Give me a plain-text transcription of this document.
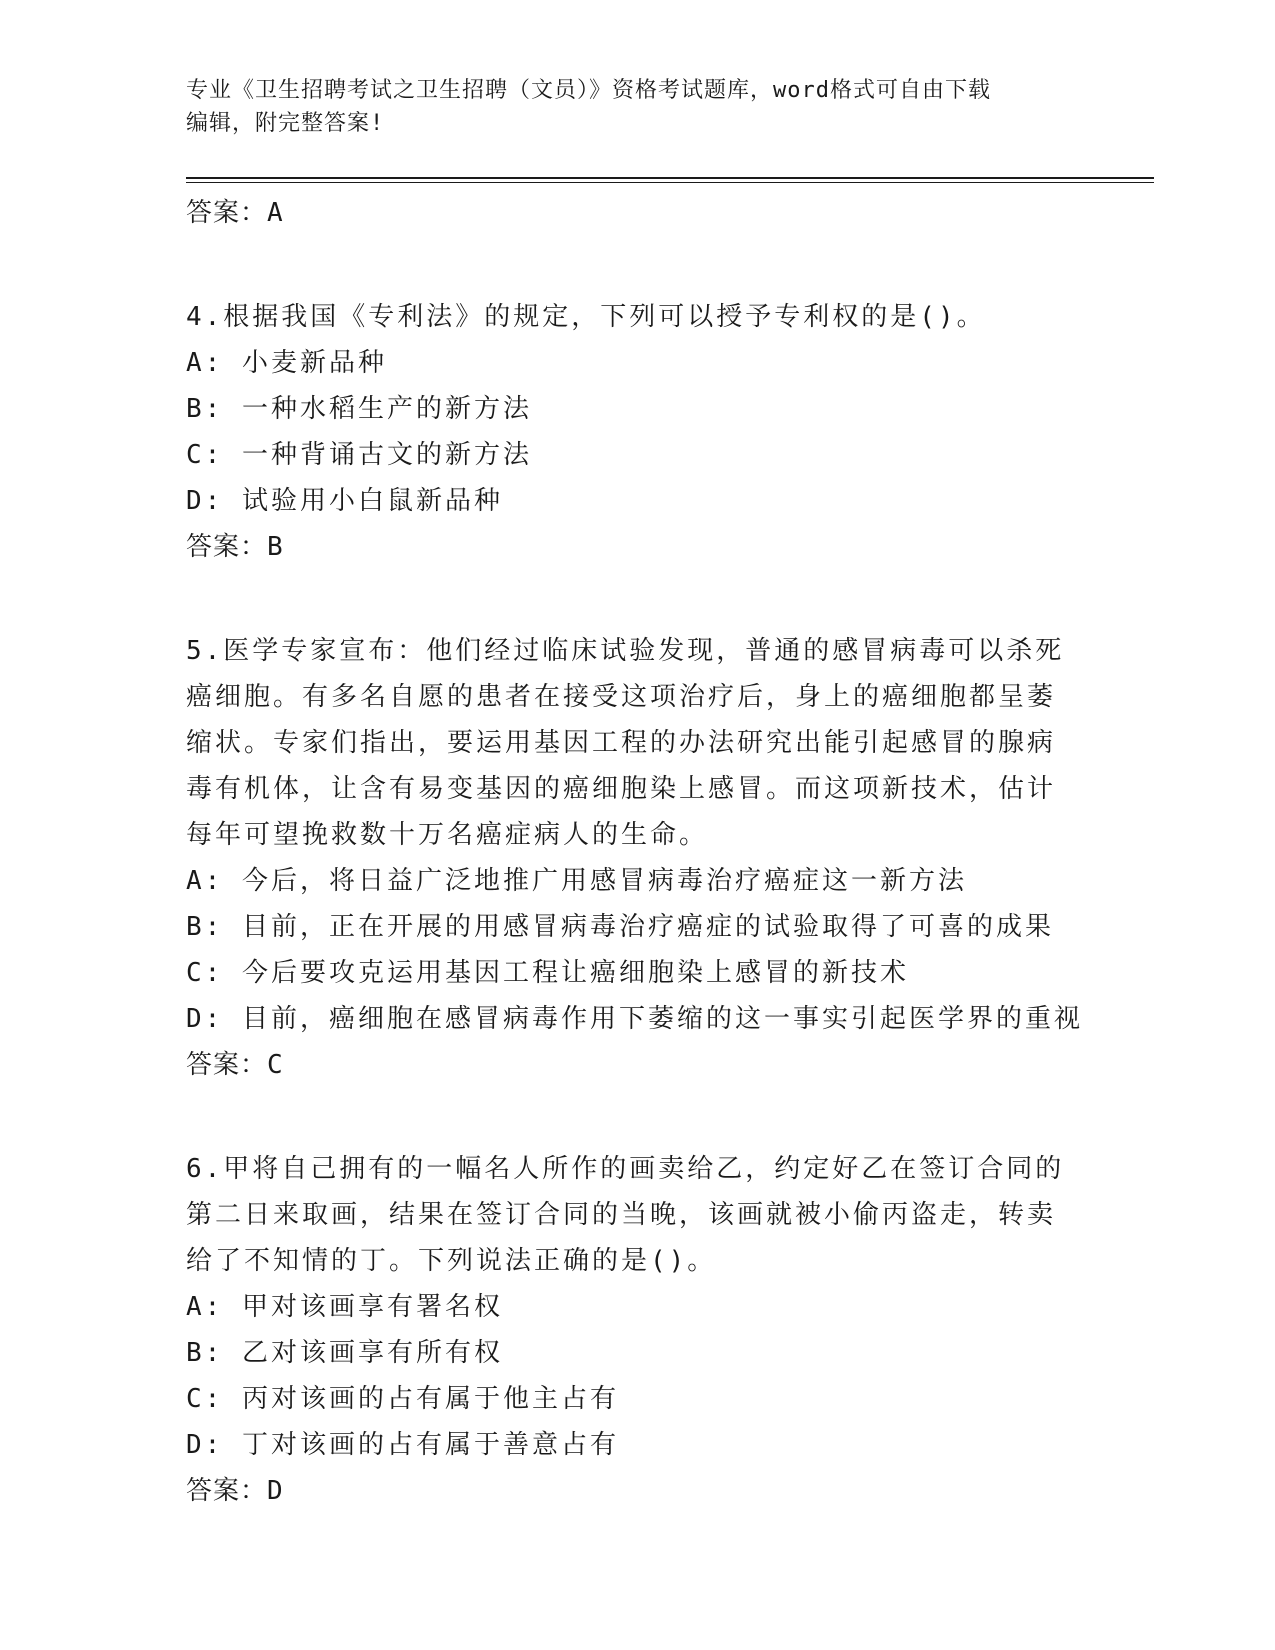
专业《卫生招聘考试之卫生招聘（文员）》资格考试题库，word格式可自由下载
编辑，附完整答案!
答案：A
4.根据我国《专利法》的规定，下列可以授予专利权的是()。
A: 小麦新品种
B: 一种水稻生产的新方法
C: 一种背诵古文的新方法
D: 试验用小白鼠新品种
答案：B
5.医学专家宣布：他们经过临床试验发现，普通的感冒病毒可以杀死
癌细胞。有多名自愿的患者在接受这项治疗后，身上的癌细胞都呈萎
缩状。专家们指出，要运用基因工程的办法研究出能引起感冒的腺病
毒有机体，让含有易变基因的癌细胞染上感冒。而这项新技术，估计
每年可望挽救数十万名癌症病人的生命。
A: 今后，将日益广泛地推广用感冒病毒治疗癌症这一新方法
B: 目前，正在开展的用感冒病毒治疗癌症的试验取得了可喜的成果
C: 今后要攻克运用基因工程让癌细胞染上感冒的新技术
D: 目前，癌细胞在感冒病毒作用下萎缩的这一事实引起医学界的重视
答案：C
6.甲将自己拥有的一幅名人所作的画卖给乙，约定好乙在签订合同的
第二日来取画，结果在签订合同的当晚，该画就被小偷丙盗走，转卖
给了不知情的丁。下列说法正确的是()。
A: 甲对该画享有署名权
B: 乙对该画享有所有权
C: 丙对该画的占有属于他主占有
D: 丁对该画的占有属于善意占有
答案：D
